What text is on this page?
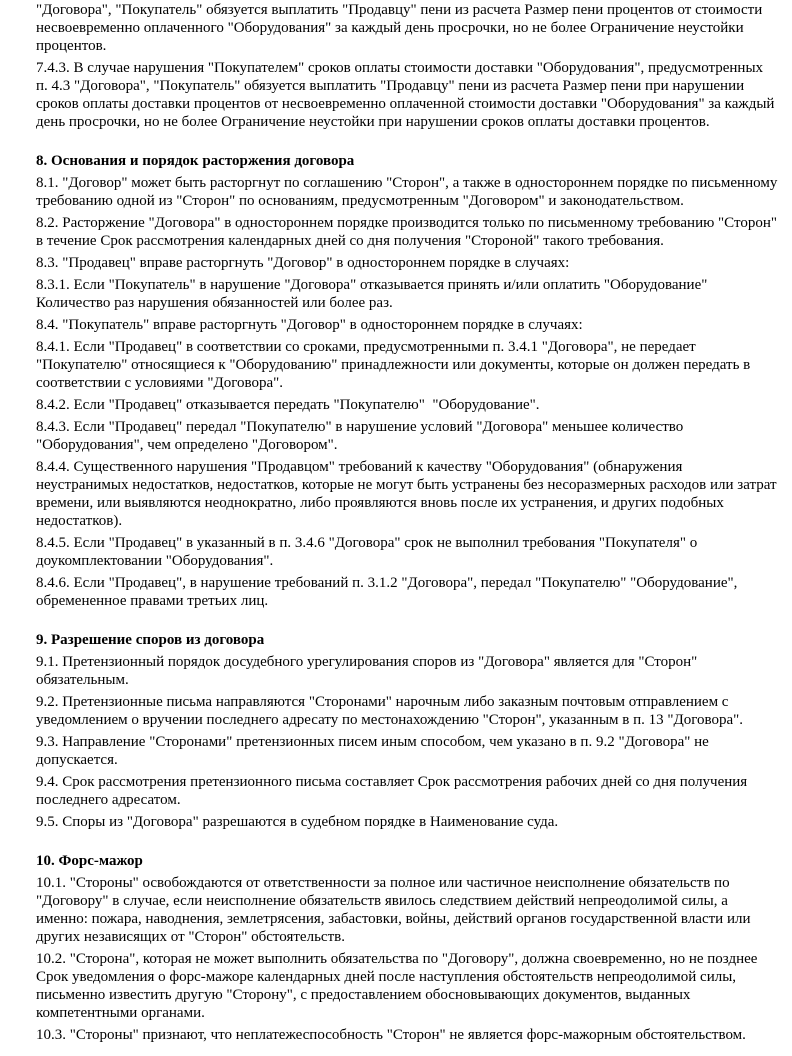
"Договора", "Покупатель" обязуется выплатить "Продавцу" пени из расчета Размер пени процентов от стоимости несвоевременно оплаченного "Оборудования" за каждый день просрочки, но не более Ограничение неустойки процентов.

7.4.3. В случае нарушения "Покупателем" сроков оплаты стоимости доставки "Оборудования", предусмотренных п. 4.3 "Договора", "Покупатель" обязуется выплатить "Продавцу" пени из расчета Размер пени при нарушении сроков оплаты доставки процентов от несвоевременно оплаченной стоимости доставки "Оборудования" за каждый день просрочки, но не более Ограничение неустойки при нарушении сроков оплаты доставки процентов.

8. Основания и порядок расторжения договора

8.1. "Договор" может быть расторгнут по соглашению "Сторон", а также в одностороннем порядке по письменному требованию одной из "Сторон" по основаниям, предусмотренным "Договором" и законодательством.

8.2. Расторжение "Договора" в одностороннем порядке производится только по письменному требованию "Сторон" в течение Срок рассмотрения календарных дней со дня получения "Стороной" такого требования.

8.3. "Продавец" вправе расторгнуть "Договор" в одностороннем порядке в случаях:

8.3.1. Если "Покупатель" в нарушение "Договора" отказывается принять и/или оплатить "Оборудование" Количество раз нарушения обязанностей или более раз.

8.4. "Покупатель" вправе расторгнуть "Договор" в одностороннем порядке в случаях:

8.4.1. Если "Продавец" в соответствии со сроками, предусмотренными п. 3.4.1 "Договора", не передает "Покупателю" относящиеся к "Оборудованию" принадлежности или документы, которые он должен передать в соответствии с условиями "Договора".

8.4.2. Если "Продавец" отказывается передать "Покупателю"  "Оборудование".

8.4.3. Если "Продавец" передал "Покупателю" в нарушение условий "Договора" меньшее количество "Оборудования", чем определено "Договором".

8.4.4. Существенного нарушения "Продавцом" требований к качеству "Оборудования" (обнаружения неустранимых недостатков, недостатков, которые не могут быть устранены без несоразмерных расходов или затрат времени, или выявляются неоднократно, либо проявляются вновь после их устранения, и других подобных недостатков).

8.4.5. Если "Продавец" в указанный в п. 3.4.6 "Договора" срок не выполнил требования "Покупателя" о доукомплектовании "Оборудования".

8.4.6. Если "Продавец", в нарушение требований п. 3.1.2 "Договора", передал "Покупателю" "Оборудование", обремененное правами третьих лиц.

9. Разрешение споров из договора

9.1. Претензионный порядок досудебного урегулирования споров из "Договора" является для "Сторон" обязательным.

9.2. Претензионные письма направляются "Сторонами" нарочным либо заказным почтовым отправлением с уведомлением о вручении последнего адресату по местонахождению "Сторон", указанным в п. 13 "Договора".

9.3. Направление "Сторонами" претензионных писем иным способом, чем указано в п. 9.2 "Договора" не допускается.

9.4. Срок рассмотрения претензионного письма составляет Срок рассмотрения рабочих дней со дня получения последнего адресатом.

9.5. Споры из "Договора" разрешаются в судебном порядке в Наименование суда.

10. Форс-мажор

10.1. "Стороны" освобождаются от ответственности за полное или частичное неисполнение обязательств по "Договору" в случае, если неисполнение обязательств явилось следствием действий непреодолимой силы, а именно: пожара, наводнения, землетрясения, забастовки, войны, действий органов государственной власти или других независящих от "Сторон" обстоятельств.

10.2. "Сторона", которая не может выполнить обязательства по "Договору", должна своевременно, но не позднее Срок уведомления о форс-мажоре календарных дней после наступления обстоятельств непреодолимой силы, письменно известить другую "Сторону", с предоставлением обосновывающих документов, выданных компетентными органами.

10.3. "Стороны" признают, что неплатежеспособность "Сторон" не является форс-мажорным обстоятельством.
